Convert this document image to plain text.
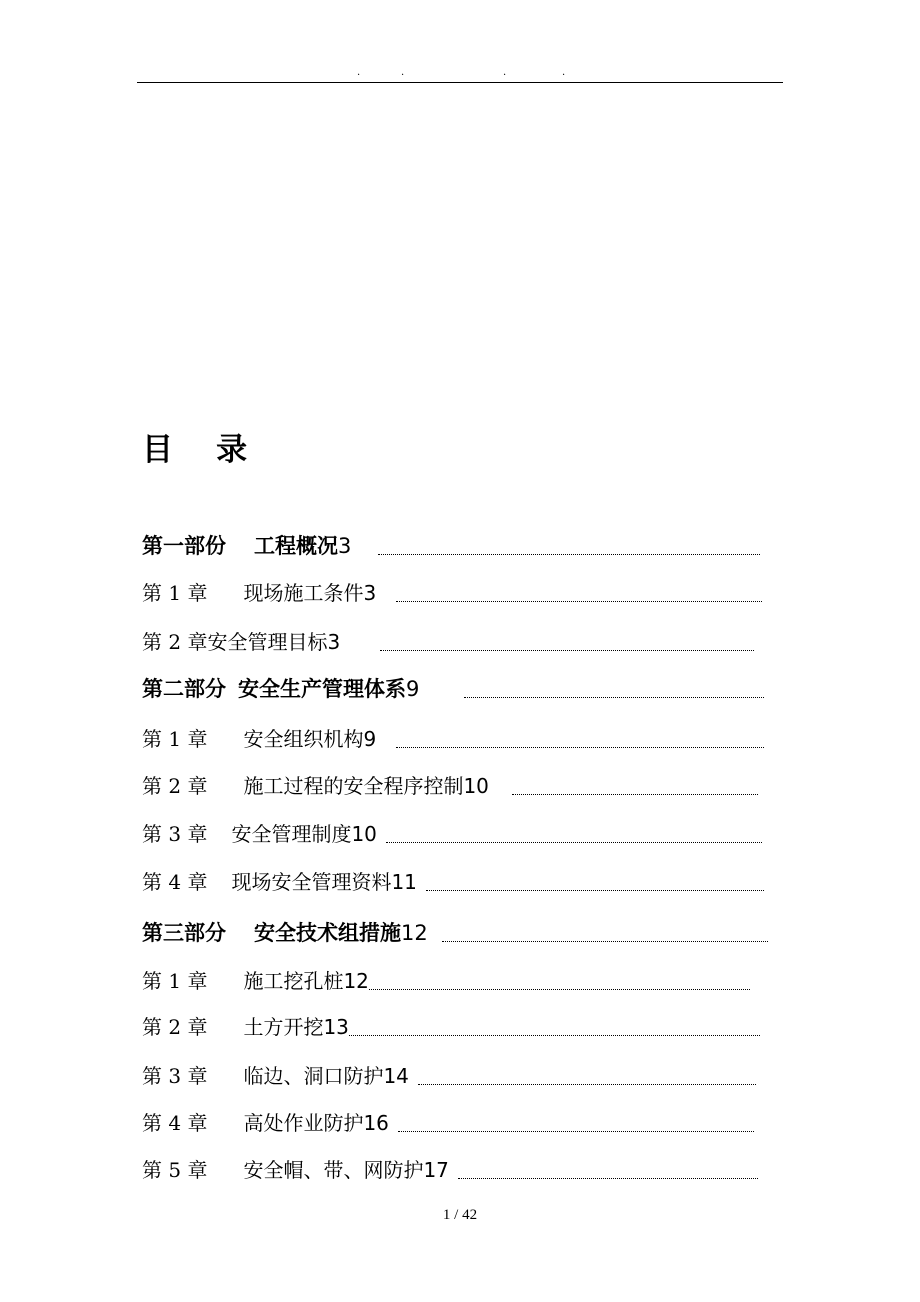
.	.	.	.
目    录
第一部份 工程概况3
第 1 章 现场施工条件3
第 2 章安全管理目标3
第二部分 安全生产管理体系9
第 1 章 安全组织机构9
第 2 章 施工过程的安全程序控制10
第 3 章 安全管理制度10
第 4 章 现场安全管理资料11
第三部分 安全技术组措施12
第 1 章 施工挖孔桩12
第 2 章 土方开挖13
第 3 章 临边、洞口防护14
第 4 章 高处作业防护16
第 5 章 安全帽、带、网防护17
1 / 42
